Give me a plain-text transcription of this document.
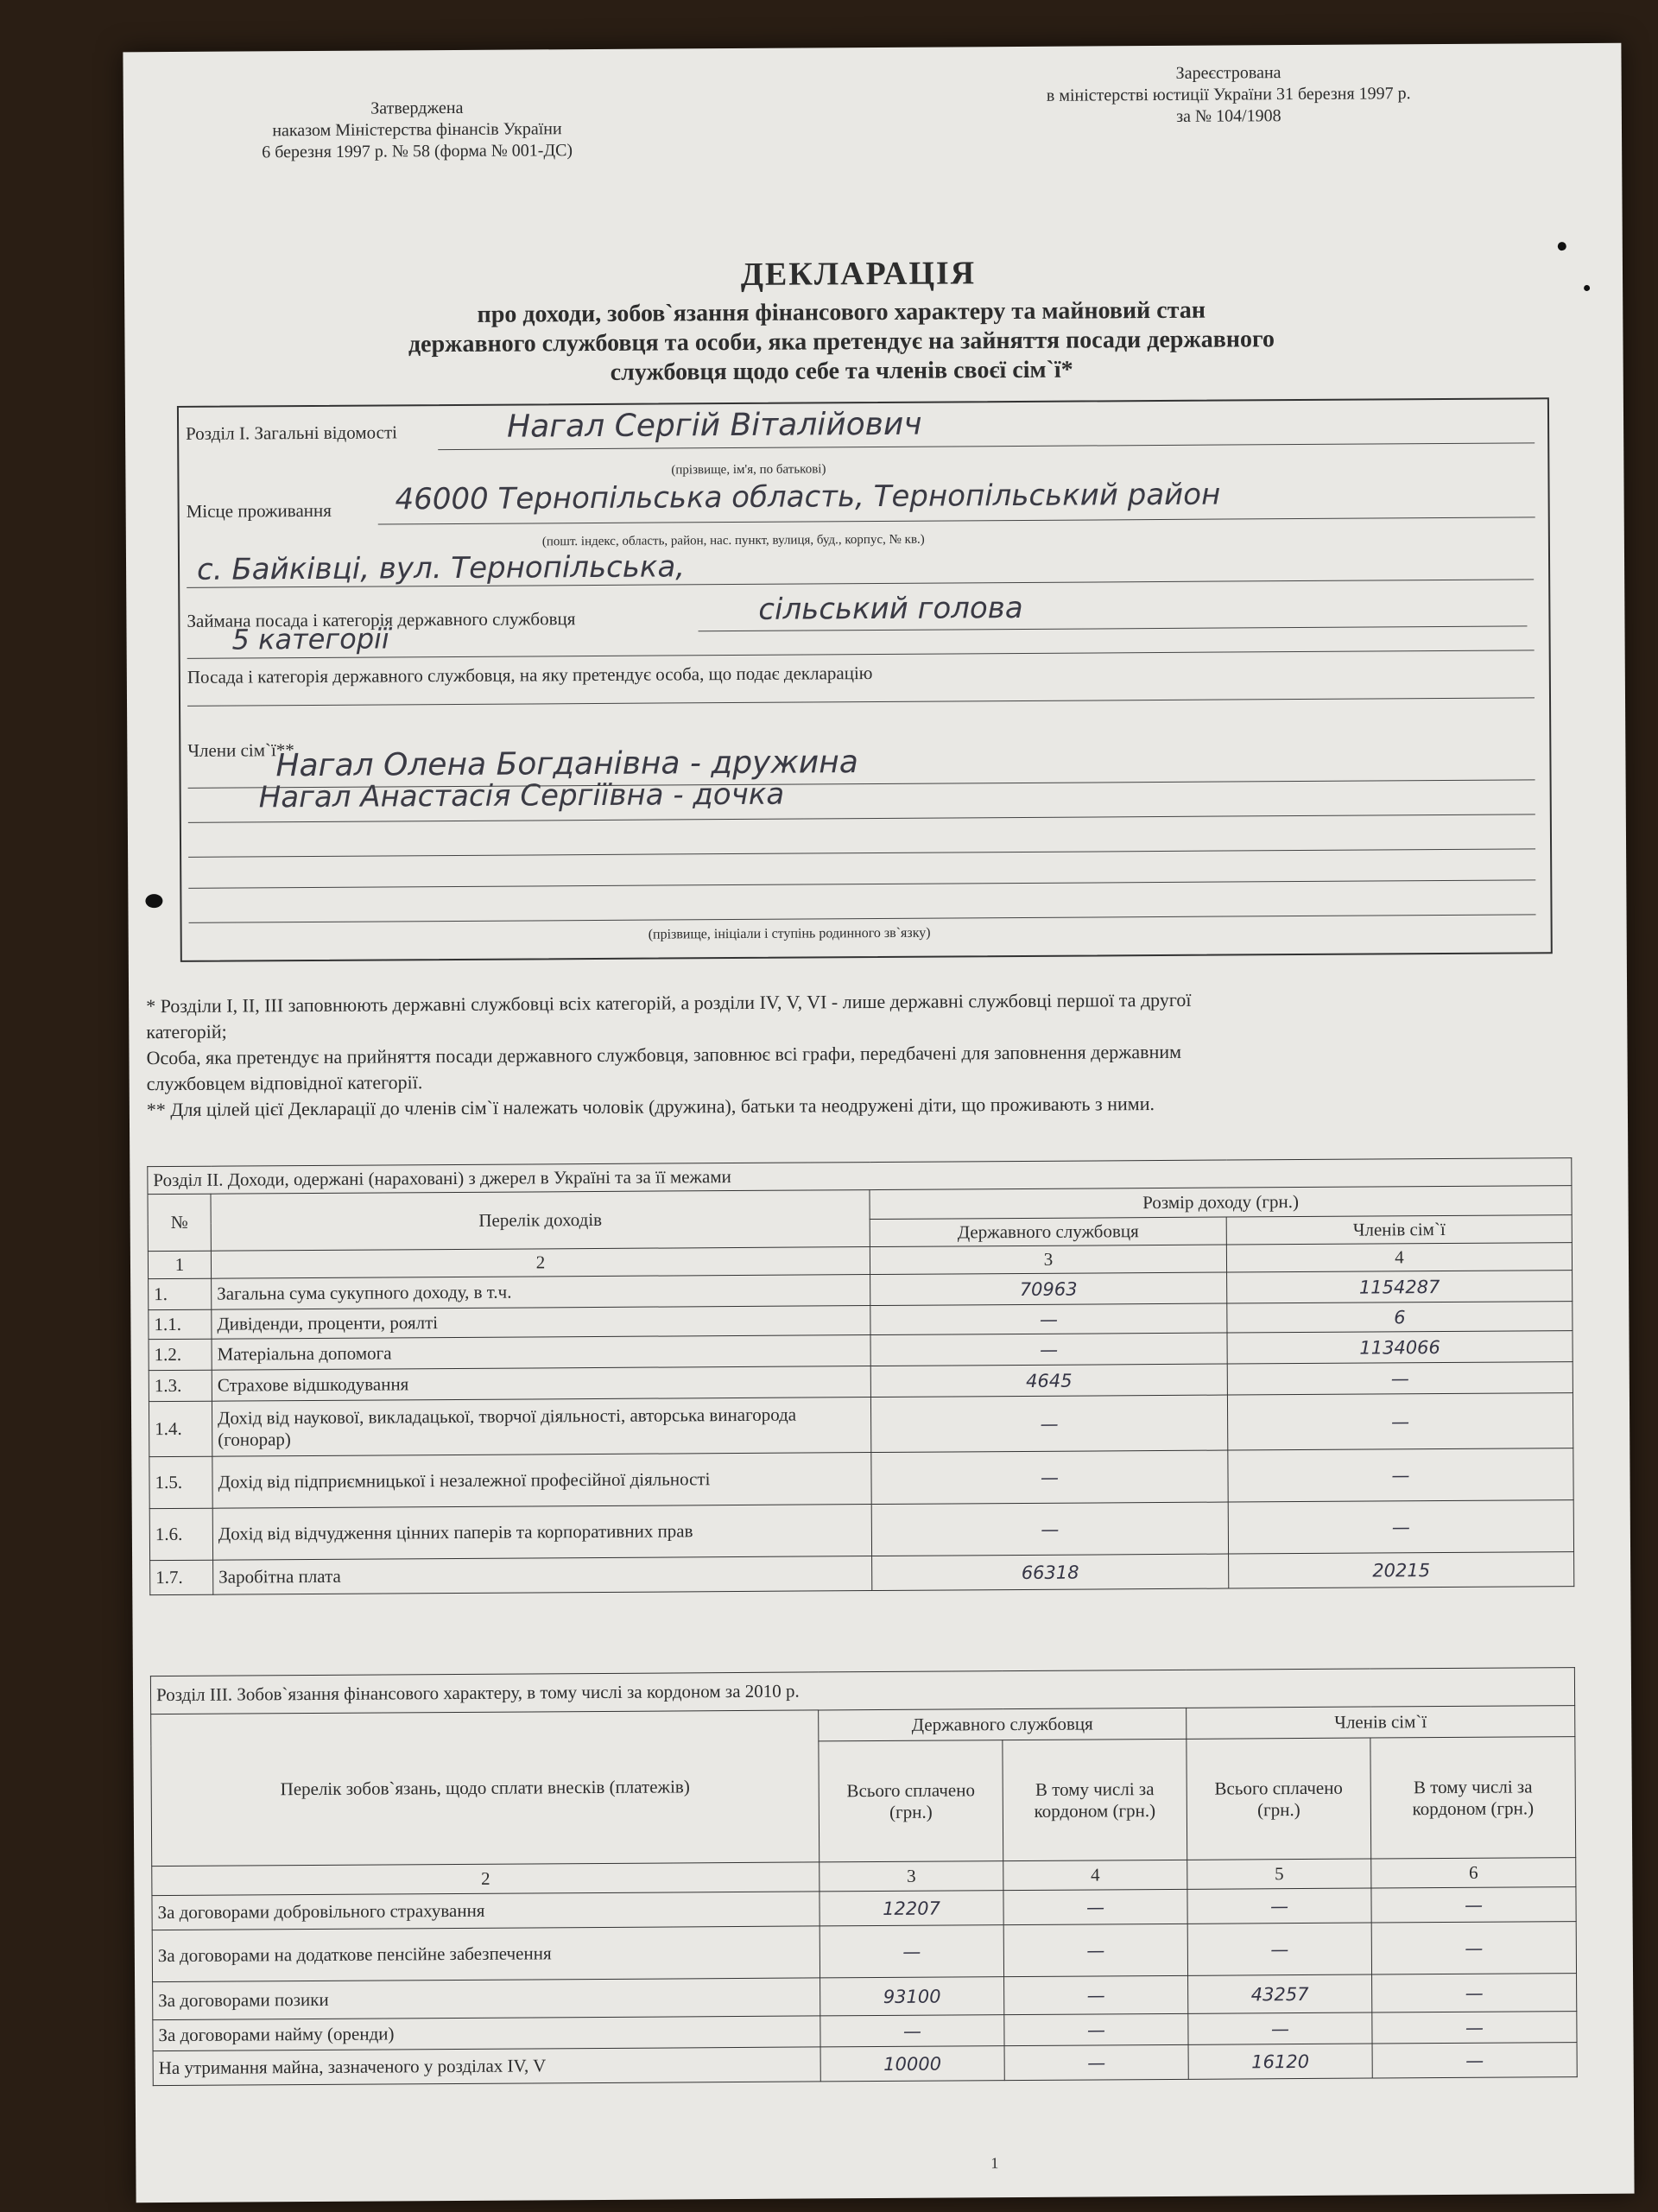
Затверджена
наказом Міністерства фінансів України
6 березня 1997 р. № 58 (форма № 001-ДС)
Зареєстрована
в міністерстві юстиції України 31 березня 1997 р.
за № 104/1908
ДЕКЛАРАЦІЯ
про доходи, зобов`язання фінансового характеру та майновий стан
державного службовця та особи, яка претендує на зайняття посади державного
службовця щодо себе та членів своєї сім`ї*
Розділ I. Загальні відомості	Нагал Сергій Віталійович
(прізвище, ім'я, по батькові)
Місце проживання 46000 Тернопільська область, Тернопільський район
(пошт. індекс, область, район, нас. пункт, вулиця, буд., корпус, № кв.)
с. Байківці, вул. Тернопільська,
Займана посада і категорія державного службовця	сільський голова
5 категорії
Посада і категорія державного службовця, на яку претендує особа, що подає декларацію
Члени сім`ї**
Нагал Олена Богданівна - дружина
Нагал Анастасія Сергіївна - дочка
(прізвище, ініціали і ступінь родинного зв`язку)
* Розділи I, II, III заповнюють державні службовці всіх категорій, а розділи IV, V, VI - лише державні службовці першої та другої
категорій;
Особа, яка претендує на прийняття посади державного службовця, заповнює всі графи, передбачені для заповнення державним
службовцем відповідної категорії.
** Для цілей цієї Декларації до членів сім`ї належать чоловік (дружина), батьки та неодружені діти, що проживають з ними.
Розділ II. Доходи, одержані (нараховані) з джерел в Україні та за її межами			
№	Перелік доходів	Розмір доходу (грн.)	
		Державного службовця	Членів сім`ї
1	2	3	4
1.	Загальна сума сукупного доходу, в т.ч.	70963	1154287
1.1.	Дивіденди, проценти, роялті	—	6
1.2.	Матеріальна допомога	—	1134066
1.3.	Страхове відшкодування	4645	—
1.4.	Дохід від наукової, викладацької, творчої діяльності, авторська винагорода (гонорар)	—	—
1.5.	Дохід від підприємницької і незалежної професійної діяльності	—	—
1.6.	Дохід від відчудження цінних паперів та корпоративних прав	—	—
1.7.	Заробітна плата	66318	20215
Розділ III. Зобов`язання фінансового характеру, в тому числі за кордоном за 2010 р.				
Перелік зобов`язань, щодо сплати внесків (платежів)	Державного службовця		Членів сім`ї	
	Всього сплачено (грн.)	В тому числі за кордоном (грн.)	Всього сплачено (грн.)	В тому числі за кордоном (грн.)
2	3	4	5	6
За договорами добровільного страхування	12207	—	—	—
За договорами на додаткове пенсійне забезпечення	—	—	—	—
За договорами позики	93100	—	43257	—
За договорами найму (оренди)	—	—	—	—
На утримання майна, зазначеного у розділах IV, V	10000	—	16120	—
1
